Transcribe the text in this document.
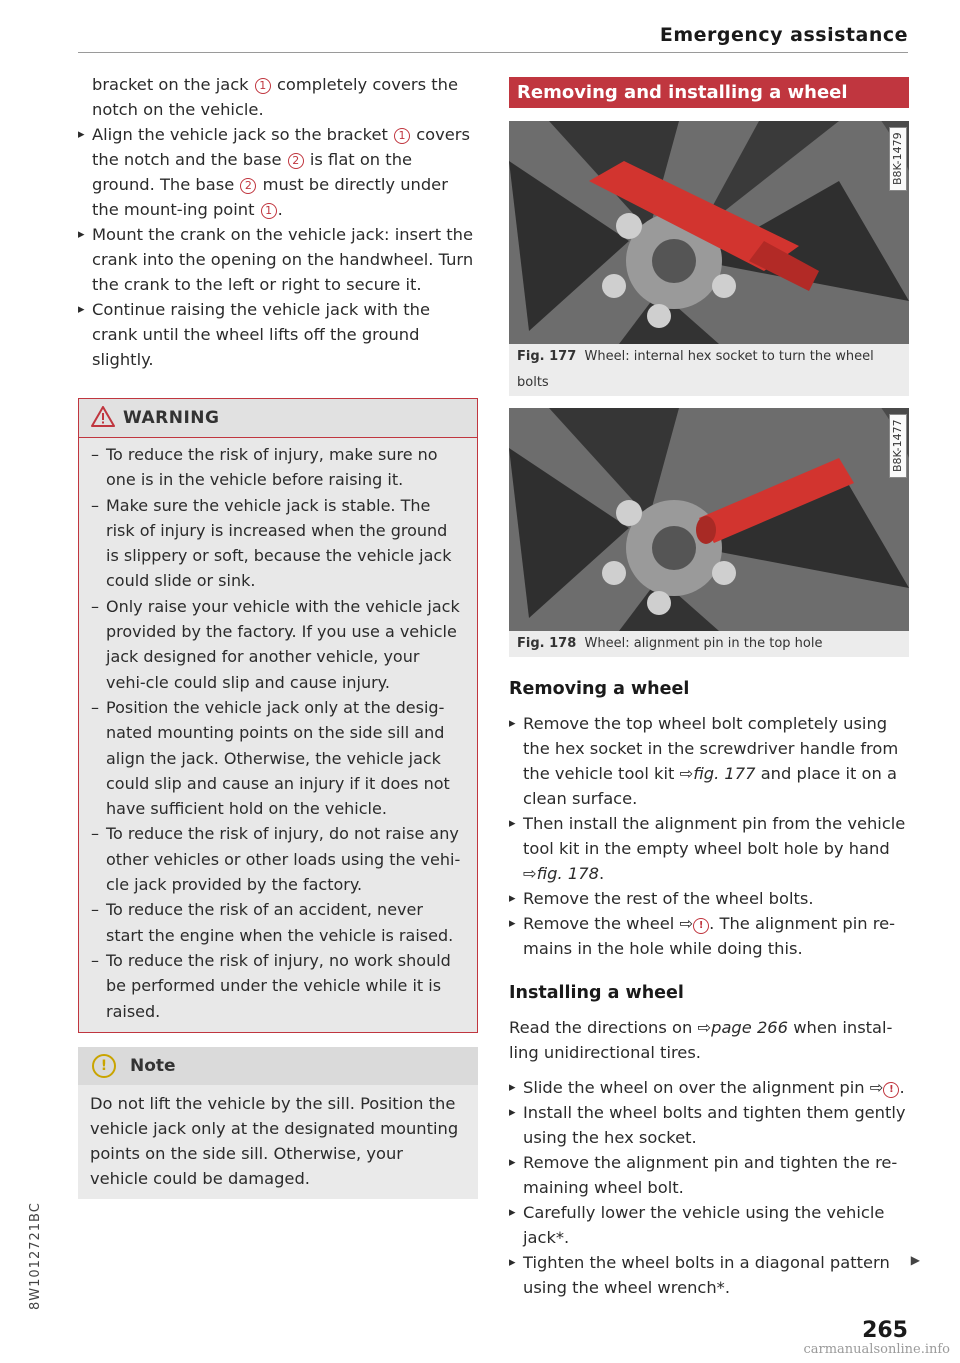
Emergency assistance
bracket on the jack 1 completely covers the
notch on the vehicle.
▸ Align the vehicle jack so the bracket 1 covers the notch and the base 2 is flat on the ground. The base 2 must be directly under the mount-ing point 1 .
▸ Mount the crank on the vehicle jack: insert the crank into the opening on the handwheel. Turn the crank to the left or right to secure it.
▸ Continue raising the vehicle jack with the crank until the wheel lifts off the ground slightly.
WARNING
– To reduce the risk of injury, make sure no one is in the vehicle before raising it.
– Make sure the vehicle jack is stable. The risk of injury is increased when the ground is slippery or soft, because the vehicle jack could slide or sink.
– Only raise your vehicle with the vehicle jack provided by the factory. If you use a vehicle jack designed for another vehicle, your vehi-cle could slip and cause injury.
– Position the vehicle jack only at the desig-nated mounting points on the side sill and align the jack. Otherwise, the vehicle jack could slip and cause an injury if it does not have sufficient hold on the vehicle.
– To reduce the risk of injury, do not raise any other vehicles or other loads using the vehi-cle jack provided by the factory.
– To reduce the risk of an accident, never start the engine when the vehicle is raised.
– To reduce the risk of injury, no work should be performed under the vehicle while it is raised.
!	Note
Do not lift the vehicle by the sill. Position the vehicle jack only at the designated mounting points on the side sill. Otherwise, your vehicle could be damaged.
Removing and installing a wheel
B8K-1479
Fig. 177 Wheel: internal hex socket to turn the wheel bolts
B8K-1477
Fig. 178 Wheel: alignment pin in the top hole
Removing a wheel
▸ Remove the top wheel bolt completely using the hex socket in the screwdriver handle from the vehicle tool kit ⇨fig. 177 and place it on a clean surface.
▸ Then install the alignment pin from the vehicle tool kit in the empty wheel bolt hole by hand ⇨fig. 178.
▸ Remove the rest of the wheel bolts.
▸ Remove the wheel ⇨ ! . The alignment pin re-mains in the hole while doing this.
Installing a wheel
Read the directions on ⇨page 266 when instal-ling unidirectional tires.
▸ Slide the wheel on over the alignment pin ⇨ ! .
▸ Install the wheel bolts and tighten them gently using the hex socket.
▸ Remove the alignment pin and tighten the re-maining wheel bolt.
▸ Carefully lower the vehicle using the vehicle jack*.
▸ Tighten the wheel bolts in a diagonal pattern using the wheel wrench*.
▶
8W1012721BC
265
carmanualsonline.info
